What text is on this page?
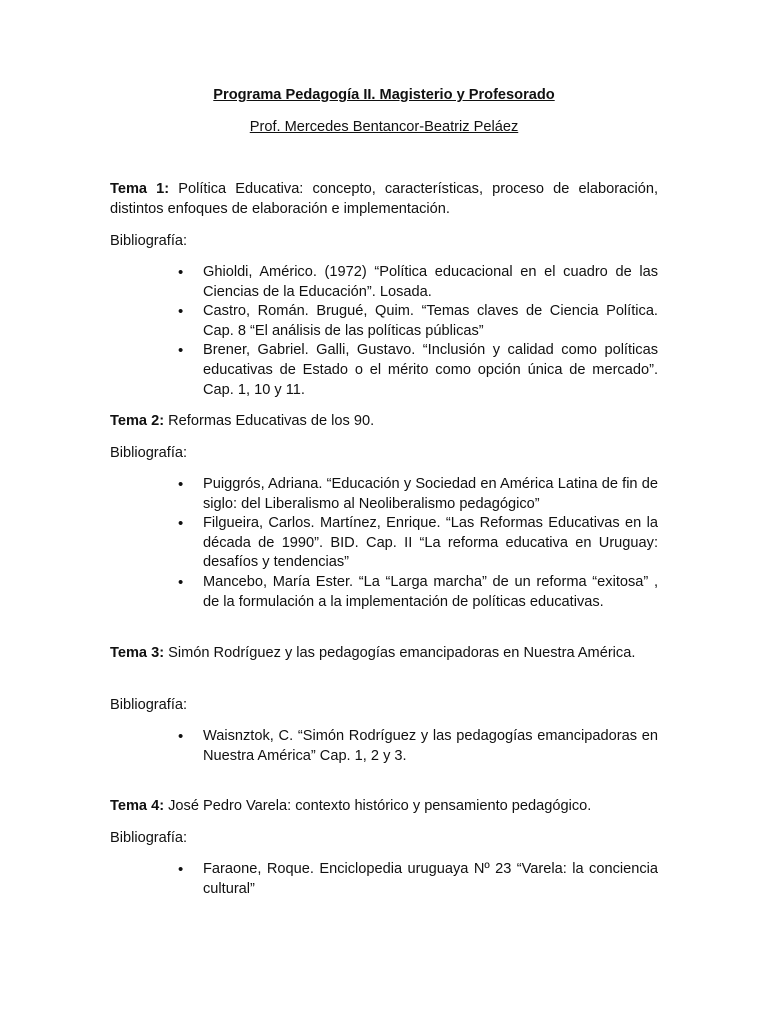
Programa Pedagogía II. Magisterio y Profesorado
Prof. Mercedes Bentancor-Beatriz Peláez

Tema 1: Política Educativa: concepto, características, proceso de elaboración, distintos enfoques de elaboración e implementación.

Bibliografía:

• Ghioldi, Américo. (1972) “Política educacional en el cuadro de las Ciencias de la Educación”. Losada.
• Castro, Román. Brugué, Quim. “Temas claves de Ciencia Política. Cap. 8 “El análisis de las políticas públicas”
• Brener, Gabriel. Galli, Gustavo. “Inclusión y calidad como políticas educativas de Estado o el mérito como opción única de mercado”. Cap. 1, 10 y 11.

Tema 2: Reformas Educativas de los 90.

Bibliografía:

• Puiggrós, Adriana. “Educación y Sociedad en América Latina de fin de siglo: del Liberalismo al Neoliberalismo pedagógico”
• Filgueira, Carlos. Martínez, Enrique. “Las Reformas Educativas en la década de 1990”. BID. Cap. II “La reforma educativa en Uruguay: desafíos y tendencias”
• Mancebo, María Ester. “La “Larga marcha” de un reforma “exitosa” , de la formulación a la implementación de políticas educativas.

Tema 3: Simón Rodríguez y las pedagogías emancipadoras en Nuestra América.

Bibliografía:

• Waisnztok, C. “Simón Rodríguez y las pedagogías emancipadoras en Nuestra América” Cap. 1, 2 y 3.

Tema 4: José Pedro Varela: contexto histórico y pensamiento pedagógico.

Bibliografía:

• Faraone, Roque. Enciclopedia uruguaya Nº 23 “Varela: la conciencia cultural”
